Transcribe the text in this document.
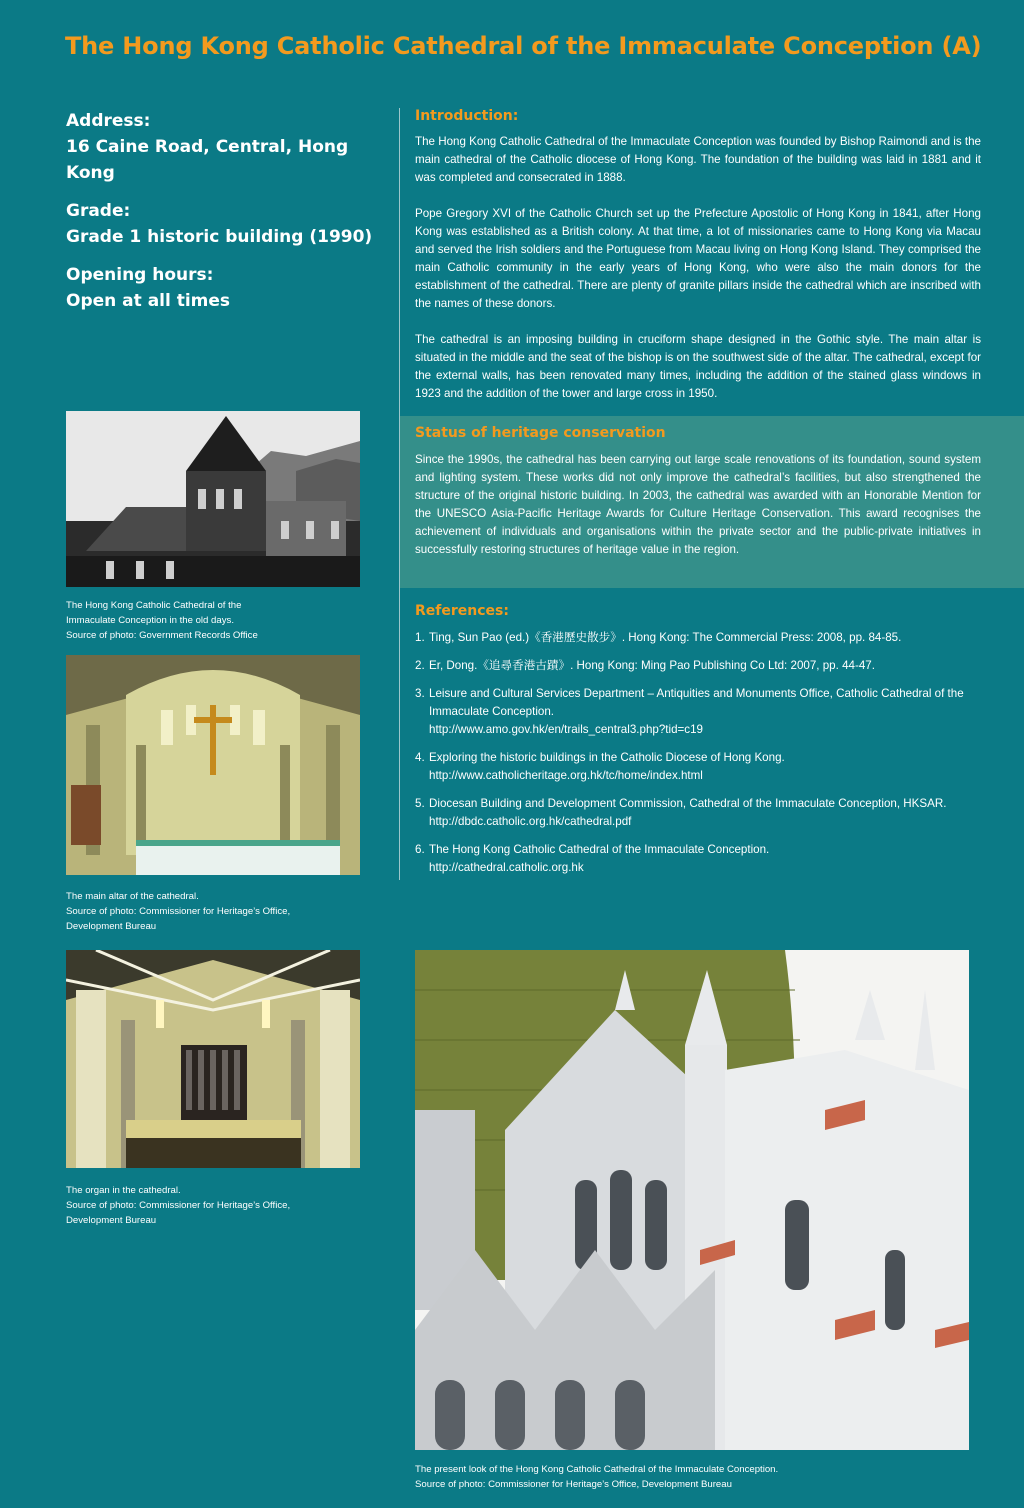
The Hong Kong Catholic Cathedral of the Immaculate Conception (A)
Address:
16 Caine Road, Central, Hong Kong
Grade:
Grade 1 historic building (1990)
Opening hours:
Open at all times
Introduction:

The Hong Kong Catholic Cathedral of the Immaculate Conception was founded by Bishop Raimondi and is the main cathedral of the Catholic diocese of Hong Kong. The foundation of the building was laid in 1881 and it was completed and consecrated in 1888.

Pope Gregory XVI of the Catholic Church set up the Prefecture Apostolic of Hong Kong in 1841, after Hong Kong was established as a British colony. At that time, a lot of missionaries came to Hong Kong via Macau and served the Irish soldiers and the Portuguese from Macau living on Hong Kong Island. They comprised the main Catholic community in the early years of Hong Kong, who were also the main donors for the establishment of the cathedral. There are plenty of granite pillars inside the cathedral which are inscribed with the names of these donors.

The cathedral is an imposing building in cruciform shape designed in the Gothic style. The main altar is situated in the middle and the seat of the bishop is on the southwest side of the altar. The cathedral, except for the external walls, has been renovated many times, including the addition of the stained glass windows in 1923 and the addition of the tower and large cross in 1950.

Status of heritage conservation

Since the 1990s, the cathedral has been carrying out large scale renovations of its foundation, sound system and lighting system. These works did not only improve the cathedral’s facilities, but also strengthened the structure of the original historic building. In 2003, the cathedral was awarded with an Honorable Mention for the UNESCO Asia-Pacific Heritage Awards for Culture Heritage Conservation. This award recognises the achievement of individuals and organisations within the private sector and the public-private initiatives in successfully restoring structures of heritage value in the region.

References:
1. Ting, Sun Pao (ed.)《香港歷史散步》. Hong Kong: The Commercial Press: 2008, pp. 84-85.
2. Er, Dong.《追尋香港古蹟》. Hong Kong: Ming Pao Publishing Co Ltd: 2007, pp. 44-47.
3. Leisure and Cultural Services Department – Antiquities and Monuments Office, Catholic Cathedral of the Immaculate Conception.
http://www.amo.gov.hk/en/trails_central3.php?tid=c19
4. Exploring the historic buildings in the Catholic Diocese of Hong Kong.
http://www.catholicheritage.org.hk/tc/home/index.html
5. Diocesan Building and Development Commission, Cathedral of the Immaculate Conception, HKSAR.
http://dbdc.catholic.org.hk/cathedral.pdf
6. The Hong Kong Catholic Cathedral of the Immaculate Conception.
http://cathedral.catholic.org.hk
The Hong Kong Catholic Cathedral of the
Immaculate Conception in the old days.
Source of photo: Government Records Office
The main altar of the cathedral.
Source of photo: Commissioner for Heritage’s Office,
Development Bureau
The organ in the cathedral.
Source of photo: Commissioner for Heritage’s Office,
Development Bureau
The present look of the Hong Kong Catholic Cathedral of the Immaculate Conception.
Source of photo: Commissioner for Heritage’s Office, Development Bureau
